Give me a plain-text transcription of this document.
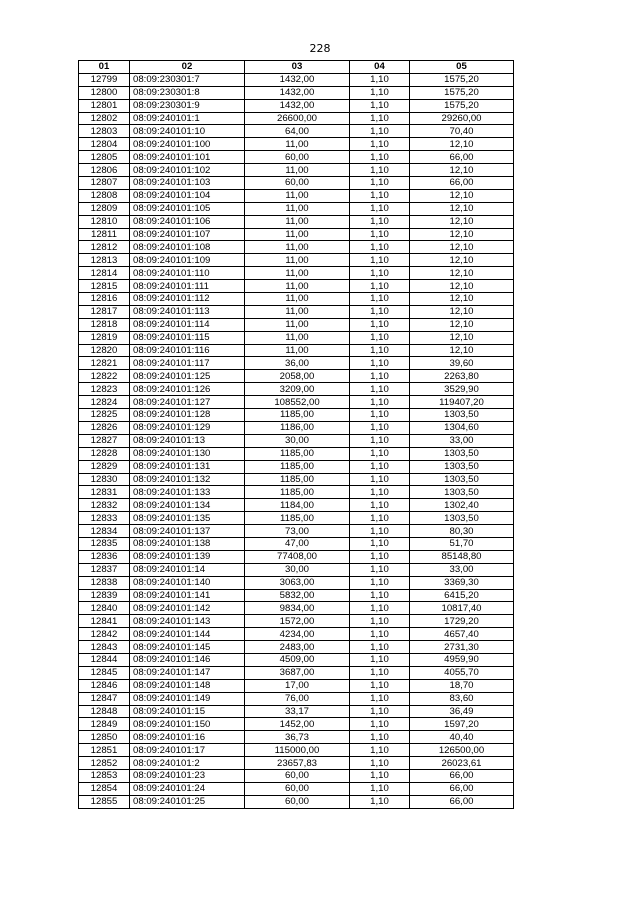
228
01	02	03	04	05
12799	08:09:230301:7	1432,00	1,10	1575,20
12800	08:09:230301:8	1432,00	1,10	1575,20
12801	08:09:230301:9	1432,00	1,10	1575,20
12802	08:09:240101:1	26600,00	1,10	29260,00
12803	08:09:240101:10	64,00	1,10	70,40
12804	08:09:240101:100	11,00	1,10	12,10
12805	08:09:240101:101	60,00	1,10	66,00
12806	08:09:240101:102	11,00	1,10	12,10
12807	08:09:240101:103	60,00	1,10	66,00
12808	08:09:240101:104	11,00	1,10	12,10
12809	08:09:240101:105	11,00	1,10	12,10
12810	08:09:240101:106	11,00	1,10	12,10
12811	08:09:240101:107	11,00	1,10	12,10
12812	08:09:240101:108	11,00	1,10	12,10
12813	08:09:240101:109	11,00	1,10	12,10
12814	08:09:240101:110	11,00	1,10	12,10
12815	08:09:240101:111	11,00	1,10	12,10
12816	08:09:240101:112	11,00	1,10	12,10
12817	08:09:240101:113	11,00	1,10	12,10
12818	08:09:240101:114	11,00	1,10	12,10
12819	08:09:240101:115	11,00	1,10	12,10
12820	08:09:240101:116	11,00	1,10	12,10
12821	08:09:240101:117	36,00	1,10	39,60
12822	08:09:240101:125	2058,00	1,10	2263,80
12823	08:09:240101:126	3209,00	1,10	3529,90
12824	08:09:240101:127	108552,00	1,10	119407,20
12825	08:09:240101:128	1185,00	1,10	1303,50
12826	08:09:240101:129	1186,00	1,10	1304,60
12827	08:09:240101:13	30,00	1,10	33,00
12828	08:09:240101:130	1185,00	1,10	1303,50
12829	08:09:240101:131	1185,00	1,10	1303,50
12830	08:09:240101:132	1185,00	1,10	1303,50
12831	08:09:240101:133	1185,00	1,10	1303,50
12832	08:09:240101:134	1184,00	1,10	1302,40
12833	08:09:240101:135	1185,00	1,10	1303,50
12834	08:09:240101:137	73,00	1,10	80,30
12835	08:09:240101:138	47,00	1,10	51,70
12836	08:09:240101:139	77408,00	1,10	85148,80
12837	08:09:240101:14	30,00	1,10	33,00
12838	08:09:240101:140	3063,00	1,10	3369,30
12839	08:09:240101:141	5832,00	1,10	6415,20
12840	08:09:240101:142	9834,00	1,10	10817,40
12841	08:09:240101:143	1572,00	1,10	1729,20
12842	08:09:240101:144	4234,00	1,10	4657,40
12843	08:09:240101:145	2483,00	1,10	2731,30
12844	08:09:240101:146	4509,00	1,10	4959,90
12845	08:09:240101:147	3687,00	1,10	4055,70
12846	08:09:240101:148	17,00	1,10	18,70
12847	08:09:240101:149	76,00	1,10	83,60
12848	08:09:240101:15	33,17	1,10	36,49
12849	08:09:240101:150	1452,00	1,10	1597,20
12850	08:09:240101:16	36,73	1,10	40,40
12851	08:09:240101:17	115000,00	1,10	126500,00
12852	08:09:240101:2	23657,83	1,10	26023,61
12853	08:09:240101:23	60,00	1,10	66,00
12854	08:09:240101:24	60,00	1,10	66,00
12855	08:09:240101:25	60,00	1,10	66,00
